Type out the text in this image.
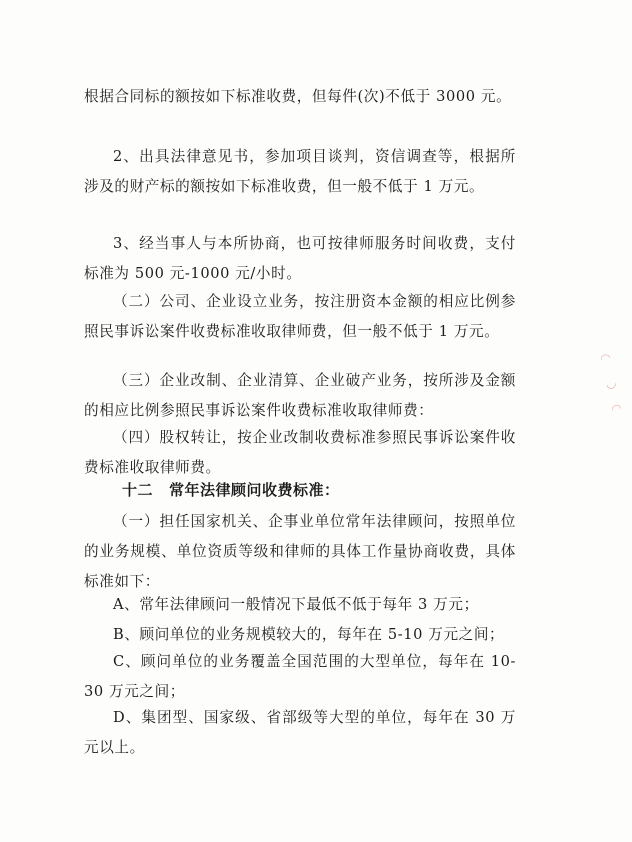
根据合同标的额按如下标准收费，但每件(次)不低于 3000 元。

2、出具法律意见书，参加项目谈判，资信调查等，根据所涉及的财产标的额按如下标准收费，但一般不低于 1 万元。

3、经当事人与本所协商，也可按律师服务时间收费，支付标准为 500 元-1000 元/小时。

（二）公司、企业设立业务，按注册资本金额的相应比例参照民事诉讼案件收费标准收取律师费，但一般不低于 1 万元。

（三）企业改制、企业清算、企业破产业务，按所涉及金额的相应比例参照民事诉讼案件收费标准收取律师费：

（四）股权转让，按企业改制收费标准参照民事诉讼案件收费标准收取律师费。

十二 常年法律顾问收费标准：

（一）担任国家机关、企事业单位常年法律顾问，按照单位的业务规模、单位资质等级和律师的具体工作量协商收费，具体标准如下：

A、常年法律顾问一般情况下最低不低于每年 3 万元；

B、顾问单位的业务规模较大的，每年在 5-10 万元之间；

C、顾问单位的业务覆盖全国范围的大型单位，每年在 10-30 万元之间；

D、集团型、国家级、省部级等大型的单位，每年在 30 万元以上。

◠ ◡ ◠
